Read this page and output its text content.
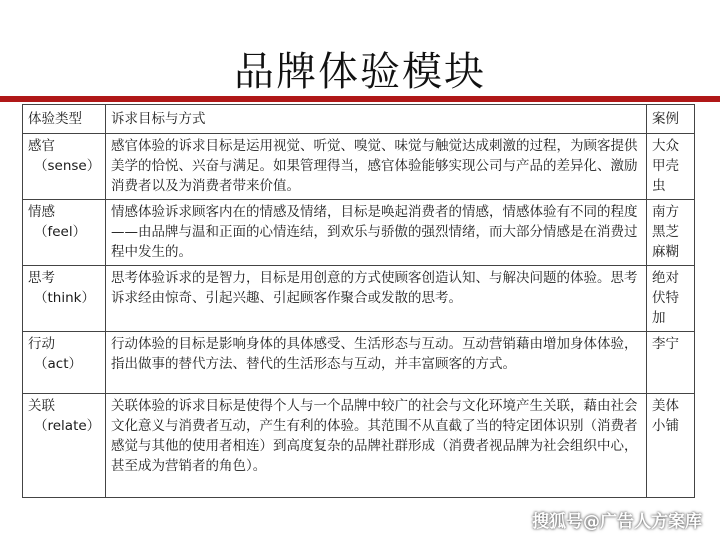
品牌体验模块
体验类型	诉求目标与方式	案例

感官
（sense）	感官体验的诉求目标是运用视觉、听觉、嗅觉、味觉与触觉达成刺激的过程，为顾客提供美学的恰悦、兴奋与满足。如果管理得当，感官体验能够实现公司与产品的差异化、激励消费者以及为消费者带来价值。	大众甲壳虫

情感
（feel）	情感体验诉求顾客内在的情感及情绪，目标是唤起消费者的情感，情感体验有不同的程度——由品牌与温和正面的心情连结，到欢乐与骄傲的强烈情绪，而大部分情感是在消费过程中发生的。	南方黑芝麻糊

思考
（think）	思考体验诉求的是智力，目标是用创意的方式使顾客创造认知、与解决问题的体验。思考诉求经由惊奇、引起兴趣、引起顾客作聚合或发散的思考。	绝对伏特加

行动
（act）	行动体验的目标是影响身体的具体感受、生活形态与互动。互动营销藉由增加身体体验，指出做事的替代方法、替代的生活形态与互动，并丰富顾客的方式。	李宁

关联
（relate）	关联体验的诉求目标是使得个人与一个品牌中较广的社会与文化环境产生关联，藉由社会文化意义与消费者互动，产生有利的体验。其范围不从直截了当的特定团体识别（消费者感觉与其他的使用者相连）到高度复杂的品牌社群形成（消费者视品牌为社会组织中心，甚至成为营销者的角色）。	美体小铺
搜狐号@广告人方案库
